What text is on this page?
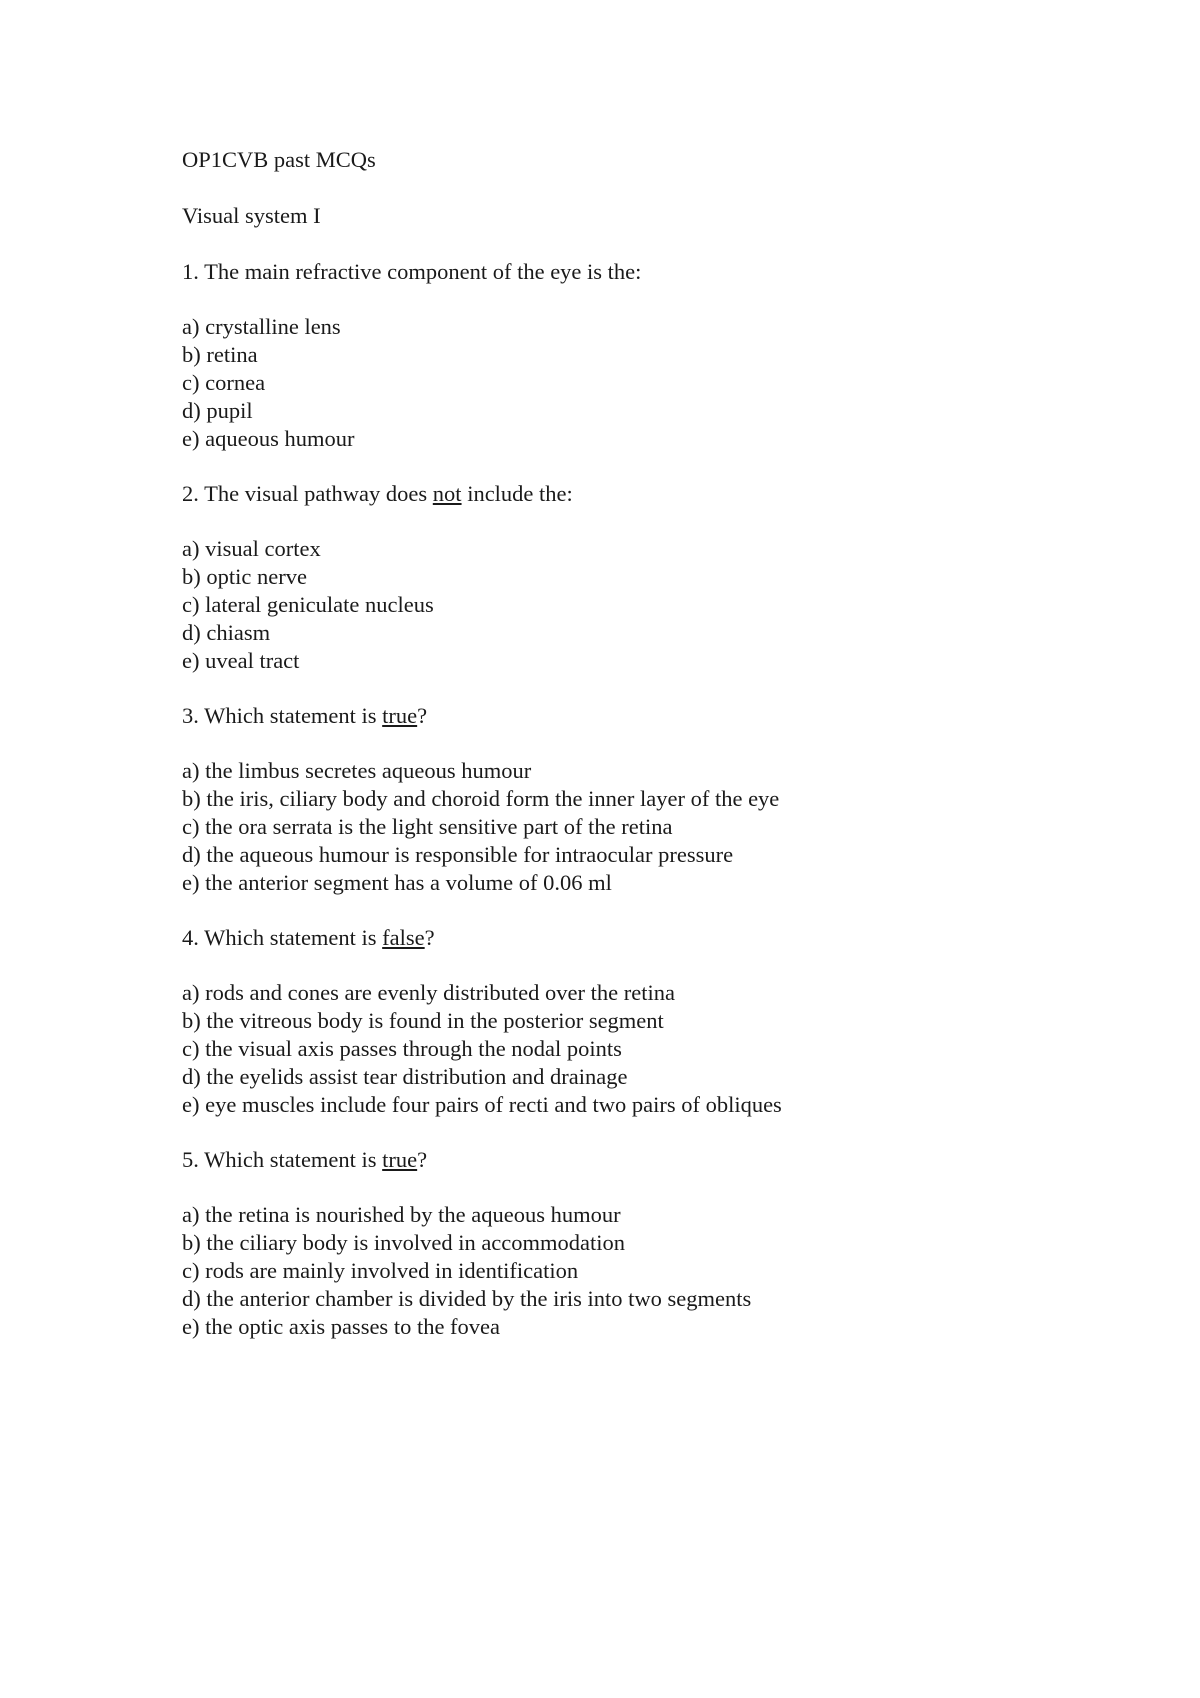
OP1CVB past MCQs
Visual system I
1. The main refractive component of the eye is the:
a) crystalline lens
b) retina
c) cornea
d) pupil
e) aqueous humour
2. The visual pathway does not include the:
a) visual cortex
b) optic nerve
c) lateral geniculate nucleus
d) chiasm
e) uveal tract
3. Which statement is true?
a) the limbus secretes aqueous humour
b) the iris, ciliary body and choroid form the inner layer of the eye
c) the ora serrata is the light sensitive part of the retina
d) the aqueous humour is responsible for intraocular pressure
e) the anterior segment has a volume of 0.06 ml
4. Which statement is false?
a) rods and cones are evenly distributed over the retina
b) the vitreous body is found in the posterior segment
c) the visual axis passes through the nodal points
d) the eyelids assist tear distribution and drainage
e) eye muscles include four pairs of recti and two pairs of obliques
5. Which statement is true?
a) the retina is nourished by the aqueous humour
b) the ciliary body is involved in accommodation
c) rods are mainly involved in identification
d) the anterior chamber is divided by the iris into two segments
e) the optic axis passes to the fovea
